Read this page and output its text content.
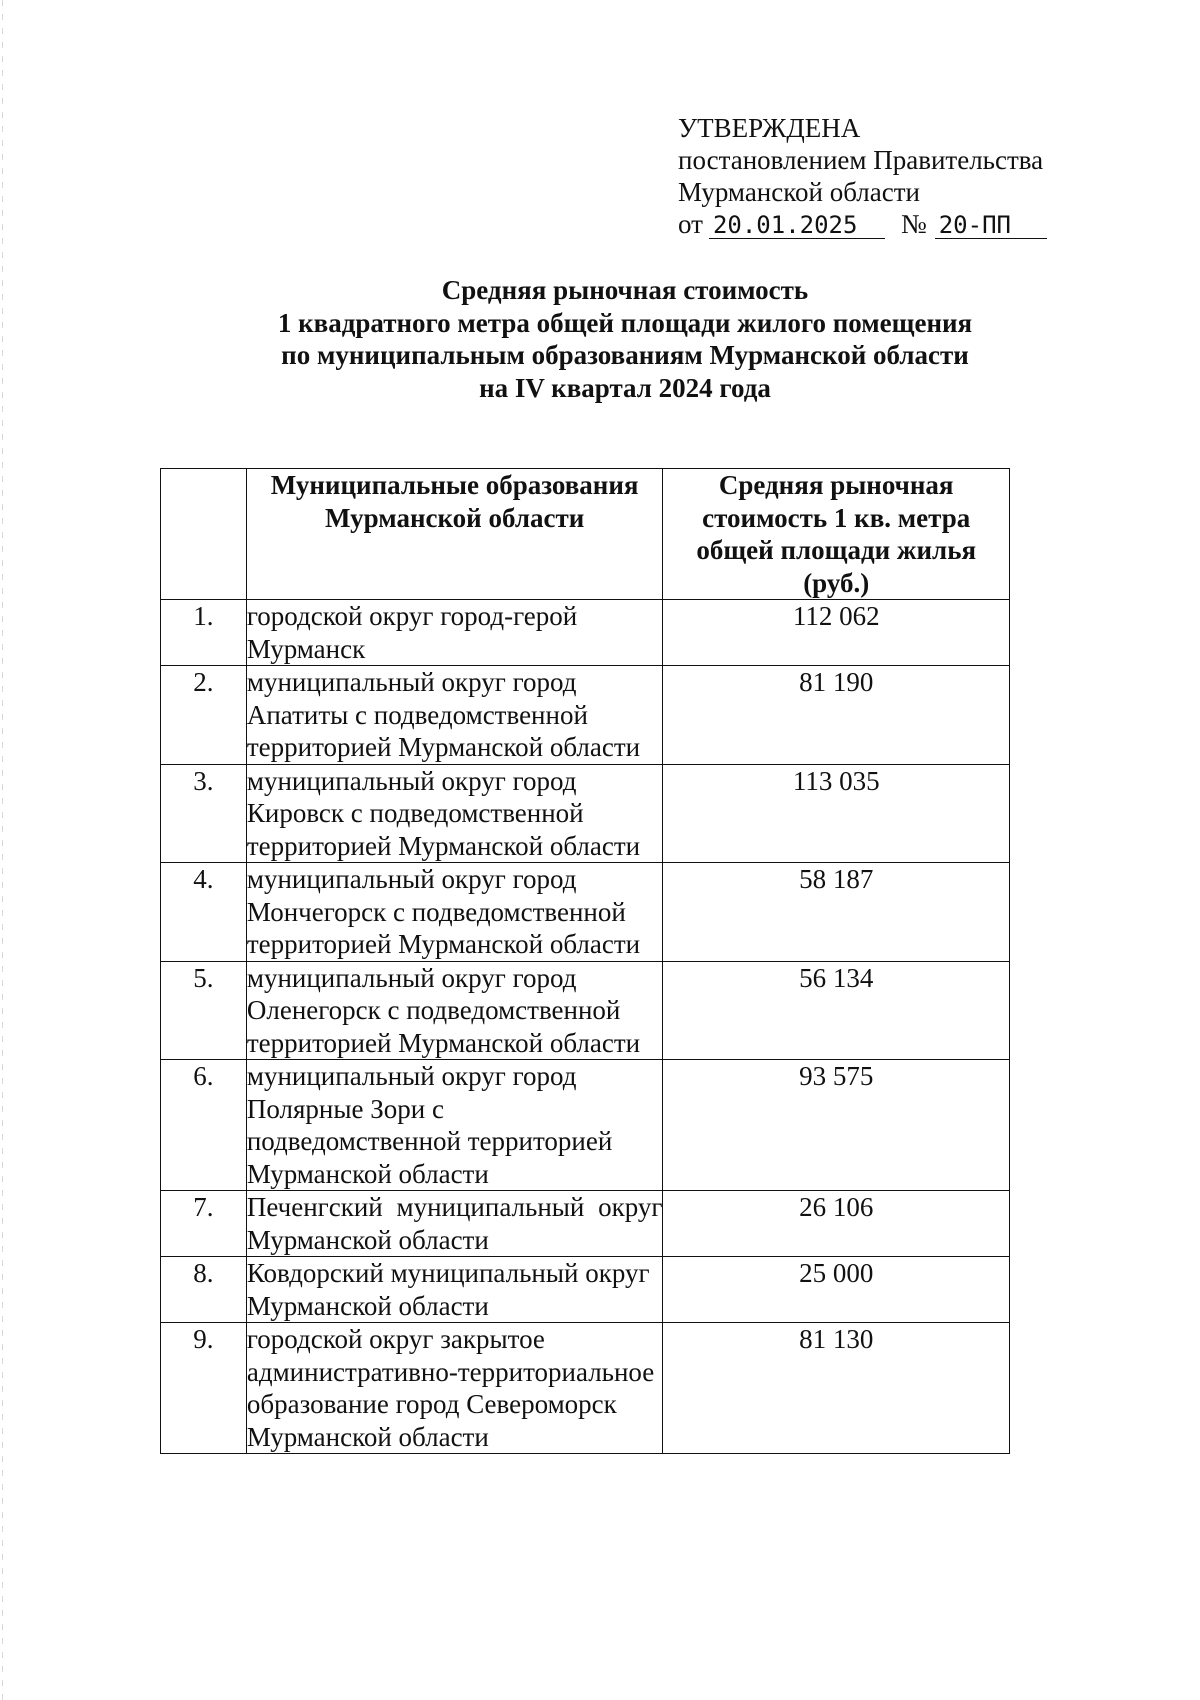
УТВЕРЖДЕНА
постановлением Правительства
Мурманской области
от 20.01.2025 № 20-ПП
Средняя рыночная стоимость
1 квадратного метра общей площади жилого помещения
по муниципальным образованиям Мурманской области
на IV квартал 2024 года
	Муниципальные образования Мурманской области	Средняя рыночная стоимость 1 кв. метра общей площади жилья (руб.)
1.	городской округ город-герой Мурманск	112 062
2.	муниципальный округ город Апатиты с подведомственной территорией Мурманской области	81 190
3.	муниципальный округ город Кировск с подведомственной территорией Мурманской области	113 035
4.	муниципальный округ город Мончегорск с подведомственной территорией Мурманской области	58 187
5.	муниципальный округ город Оленегорск с подведомственной территорией Мурманской области	56 134
6.	муниципальный округ город Полярные Зори с подведомственной территорией Мурманской области	93 575
7.	Печенгский муниципальный округ Мурманской области	26 106
8.	Ковдорский муниципальный округ Мурманской области	25 000
9.	городской округ закрытое административно-территориальное образование город Североморск Мурманской области	81 130
